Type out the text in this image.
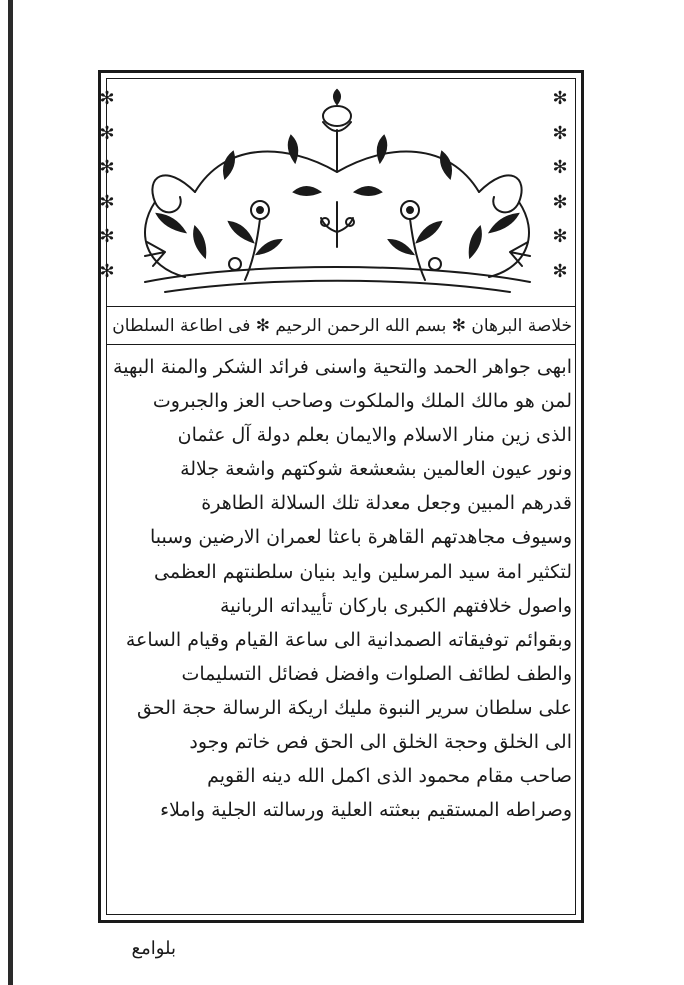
✻
✻
✻
✻
✻
✻
✻
✻
✻
✻
✻
✻
خلاصة البرهان ✻ بسم الله الرحمن الرحيم ✻ فى اطاعة السلطان
ابهى جواهر الحمد والتحية واسنى فرائد الشكر والمنة البهية
لمن هو مالك الملك والملكوت وصاحب العز والجبروت
الذى زين منار الاسلام والايمان بعلم دولة آل عثمان
ونور عيون العالمين بشعشعة شوكتهم واشعة جلالة
قدرهم المبين وجعل معدلة تلك السلالة الطاهرة
وسيوف مجاهدتهم القاهرة باعثا لعمران الارضين وسببا
لتكثير امة سيد المرسلين وايد بنيان سلطنتهم العظمى
واصول خلافتهم الكبرى باركان تأييداته الربانية
وبقوائم توفيقاته الصمدانية الى ساعة القيام وقيام الساعة
والطف لطائف الصلوات وافضل فضائل التسليمات
على سلطان سرير النبوة مليك اريكة الرسالة حجة الحق
الى الخلق وحجة الخلق الى الحق فص خاتم وجود
صاحب مقام محمود الذى اكمل الله دينه القويم
وصراطه المستقيم ببعثته العلية ورسالته الجلية واملاء
بلوامع
